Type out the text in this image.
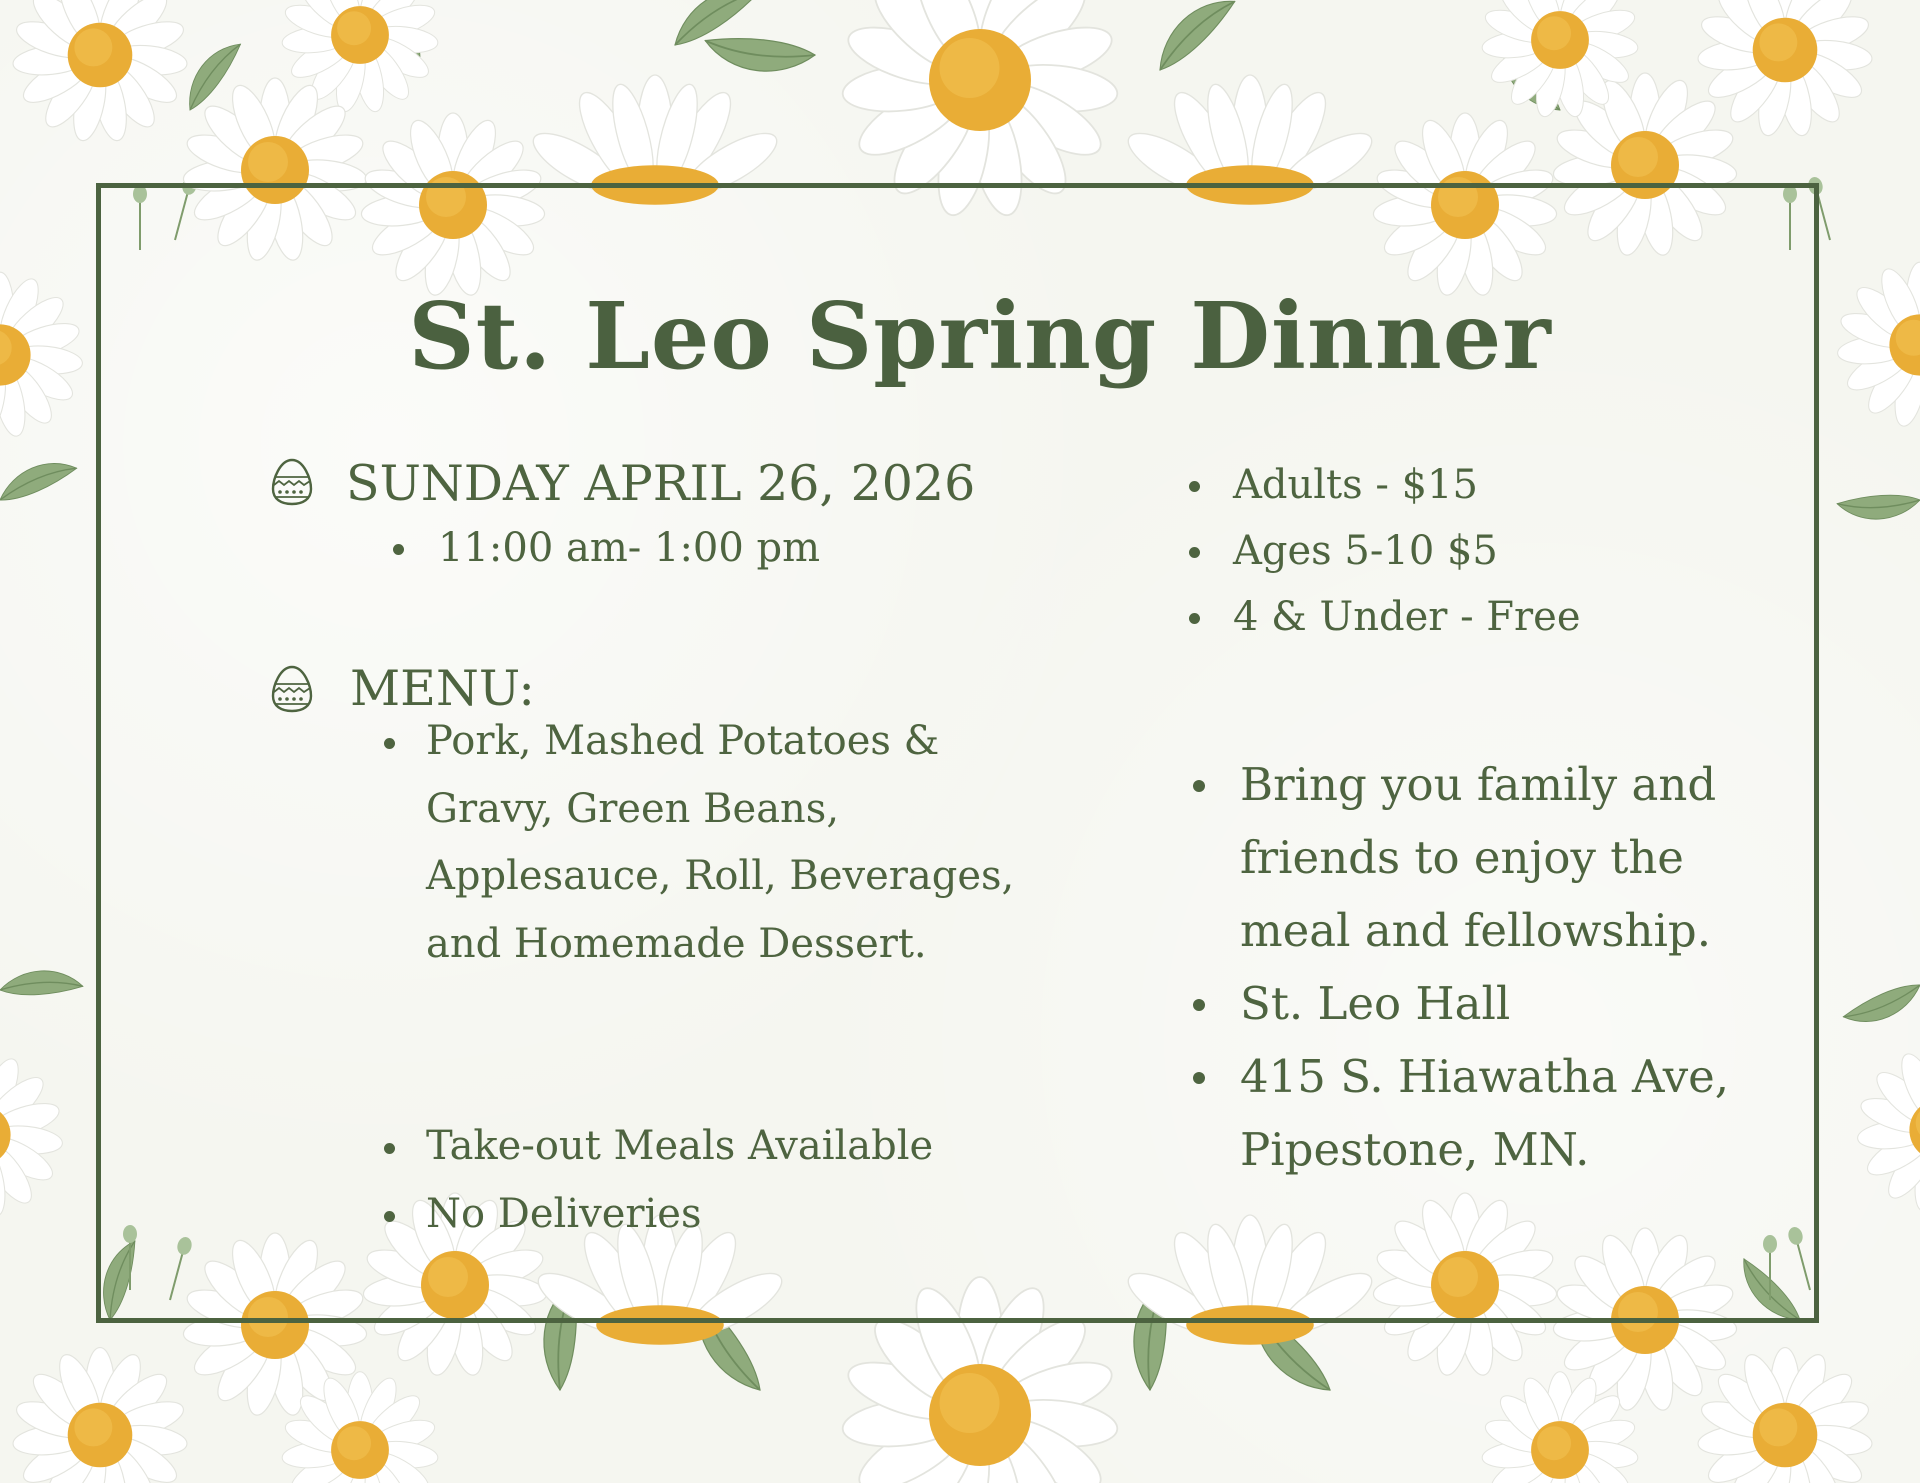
St. Leo Spring Dinner
SUNDAY APRIL 26, 2026
11:00 am- 1:00 pm
MENU:
Pork, Mashed Potatoes & Gravy, Green Beans, Applesauce, Roll, Beverages, and Homemade Dessert.
Take-out Meals Available
No Deliveries
Adults - $15
Ages 5-10 $5
4 & Under - Free
Bring you family and friends to enjoy the meal and fellowship.
St. Leo Hall
415 S. Hiawatha Ave, Pipestone, MN.
